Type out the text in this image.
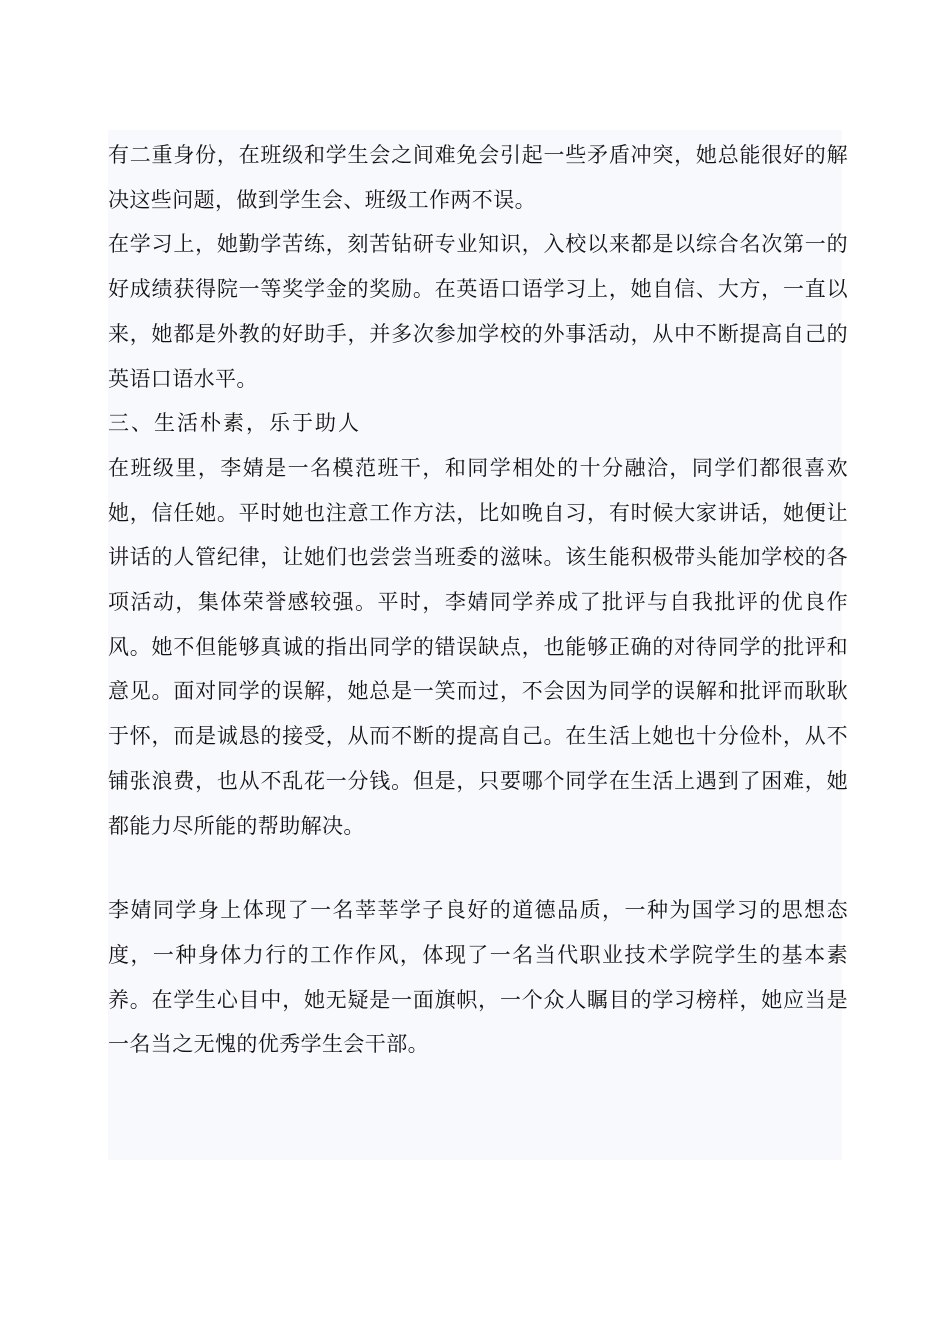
有二重身份，在班级和学生会之间难免会引起一些矛盾冲突，她总能很好的解决这些问题，做到学生会、班级工作两不误。

在学习上，她勤学苦练，刻苦钻研专业知识，入校以来都是以综合名次第一的好成绩获得院一等奖学金的奖励。在英语口语学习上，她自信、大方，一直以来，她都是外教的好助手，并多次参加学校的外事活动，从中不断提高自己的英语口语水平。

三、生活朴素，乐于助人

在班级里，李婧是一名模范班干，和同学相处的十分融洽，同学们都很喜欢她，信任她。平时她也注意工作方法，比如晚自习，有时候大家讲话，她便让讲话的人管纪律，让她们也尝尝当班委的滋味。该生能积极带头能加学校的各项活动，集体荣誉感较强。平时，李婧同学养成了批评与自我批评的优良作风。她不但能够真诚的指出同学的错误缺点，也能够正确的对待同学的批评和意见。面对同学的误解，她总是一笑而过，不会因为同学的误解和批评而耿耿于怀，而是诚恳的接受，从而不断的提高自己。在生活上她也十分俭朴，从不铺张浪费，也从不乱花一分钱。但是，只要哪个同学在生活上遇到了困难，她都能力尽所能的帮助解决。

李婧同学身上体现了一名莘莘学子良好的道德品质，一种为国学习的思想态度，一种身体力行的工作作风，体现了一名当代职业技术学院学生的基本素养。在学生心目中，她无疑是一面旗帜，一个众人瞩目的学习榜样，她应当是一名当之无愧的优秀学生会干部。
